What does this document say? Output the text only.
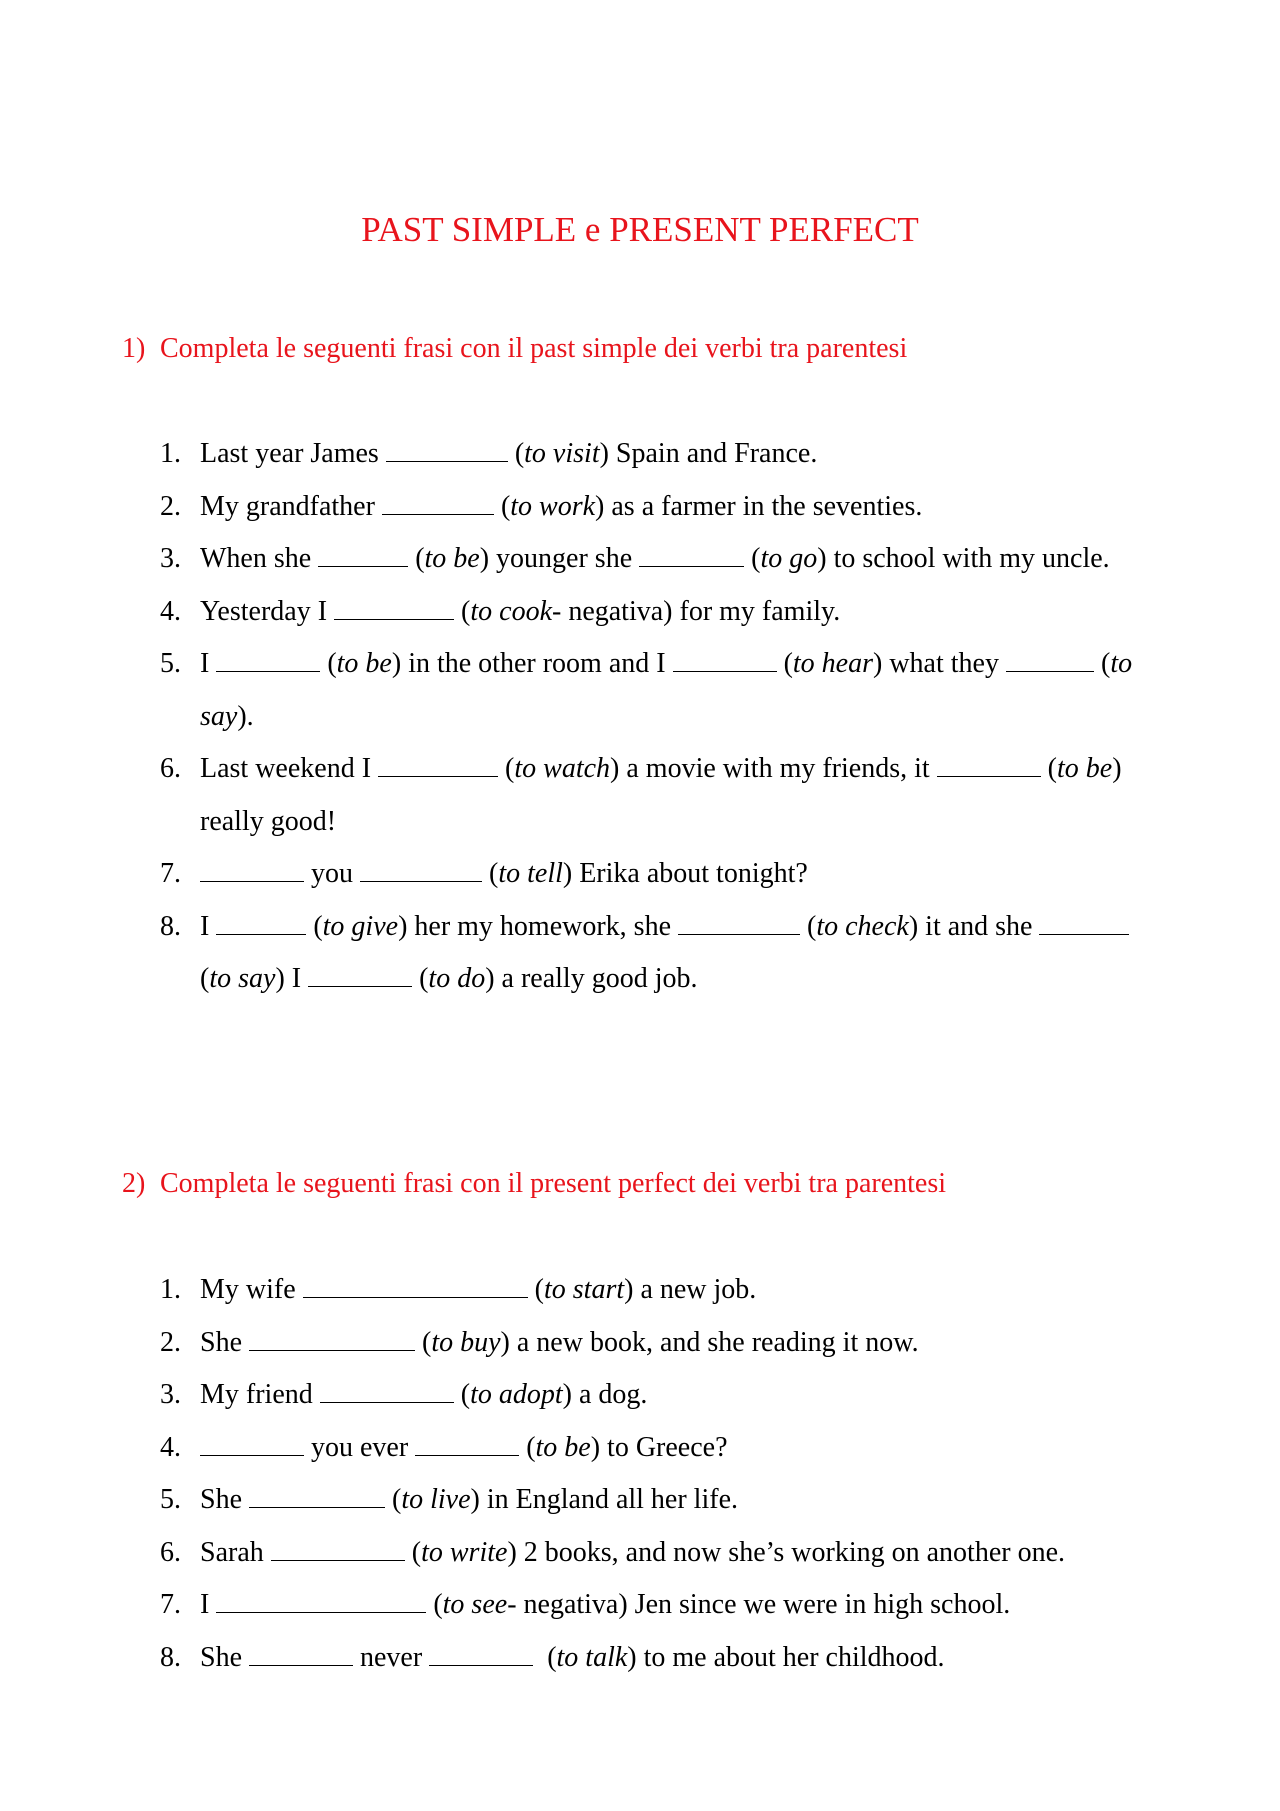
PAST SIMPLE e PRESENT PERFECT
1) Completa le seguenti frasi con il past simple dei verbi tra parentesi
1. Last year James	(to visit) Spain and France.
2. My grandfather	(to work) as a farmer in the seventies.
3. When she	(to be) younger she	(to go) to school with my uncle.
4. Yesterday I	(to cook- negativa) for my family.
5. I	(to be) in the other room and I	(to hear) what they	(to say).
6. Last weekend I	(to watch) a movie with my friends, it	(to be) really good!
7.	you	(to tell) Erika about tonight?
8. I	(to give) her my homework, she	(to check) it and she  (to say) I	(to do) a really good job.
2) Completa le seguenti frasi con il present perfect dei verbi tra parentesi
1. My wife	(to start) a new job.
2. She	(to buy) a new book, and she reading it now.
3. My friend	(to adopt) a dog.
4.	you ever	(to be) to Greece?
5. She	(to live) in England all her life.
6. Sarah	(to write) 2 books, and now she’s working on another one.
7. I	(to see- negativa) Jen since we were in high school.
8. She	never	(to talk) to me about her childhood.
